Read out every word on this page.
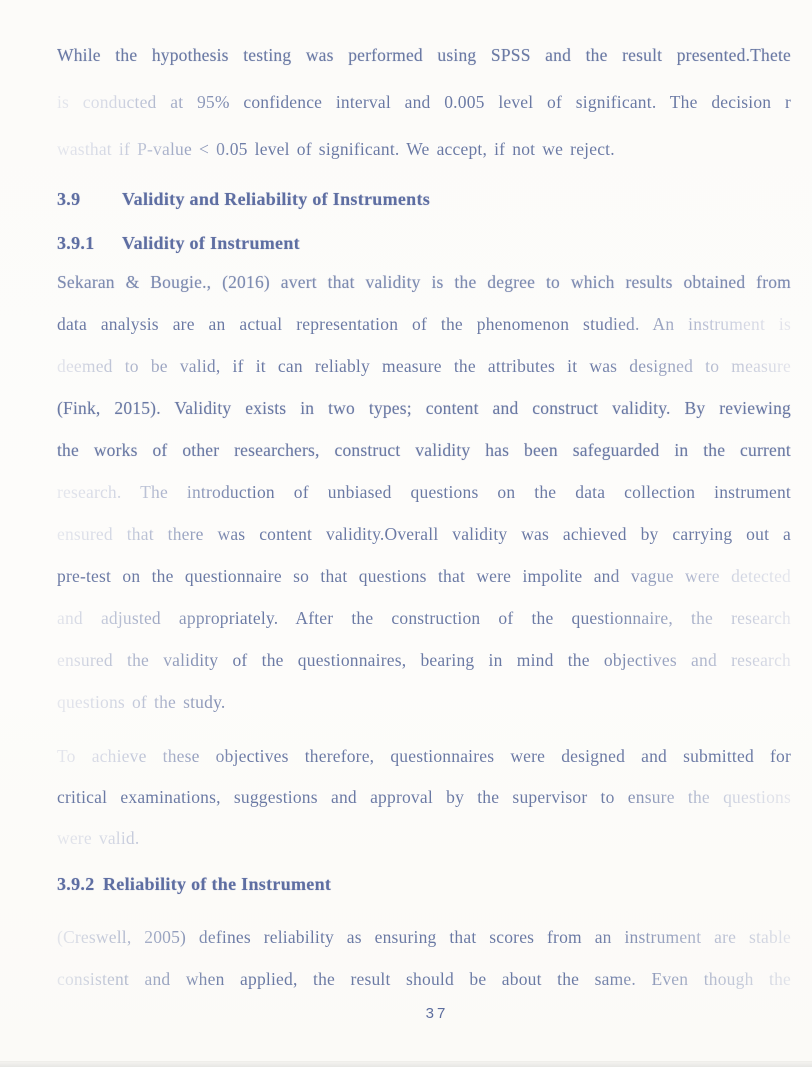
While the hypothesis testing was performed using SPSS and the result presented.Thete
is conducted at 95% confidence interval and 0.005 level of significant. The decision r
wasthat if P-value < 0.05 level of significant. We accept, if not we reject.
3.9	Validity and Reliability of Instruments
3.9.1	Validity of Instrument
Sekaran & Bougie., (2016) avert that validity is the degree to which results obtained from
data analysis are an actual representation of the phenomenon studied. An instrument is
deemed to be valid, if it can reliably measure the attributes it was designed to measure
(Fink, 2015). Validity exists in two types; content and construct validity. By reviewing
the works of other researchers, construct validity has been safeguarded in the current
research. The introduction of unbiased questions on the data collection instrument
ensured that there was content validity.Overall validity was achieved by carrying out a
pre-test on the questionnaire so that questions that were impolite and vague were detected
and adjusted appropriately. After the construction of the questionnaire, the research
ensured the validity of the questionnaires, bearing in mind the objectives and research
questions of the study.
To achieve these objectives therefore, questionnaires were designed and submitted for
critical examinations, suggestions and approval by the supervisor to ensure the questions
were valid.
3.9.2 Reliability of the Instrument
(Creswell, 2005) defines reliability as ensuring that scores from an instrument are stable
consistent and when applied, the result should be about the same. Even though the
37
